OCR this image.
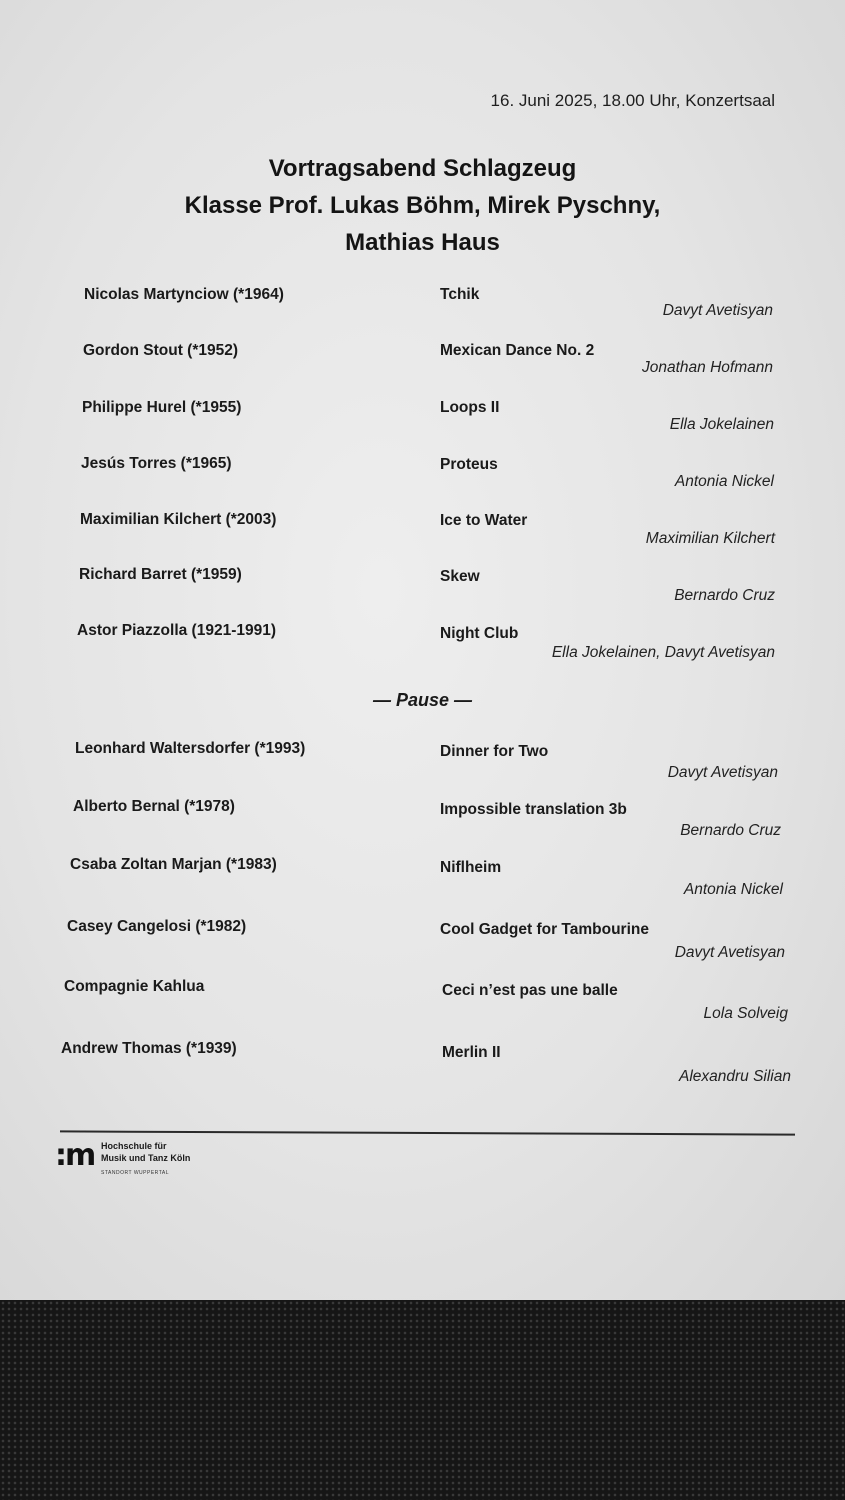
16. Juni 2025, 18.00 Uhr, Konzertsaal
Vortragsabend Schlagzeug
Klasse Prof. Lukas Böhm, Mirek Pyschny,
Mathias Haus
Nicolas Martynciow (*1964)	Tchik
Davyt Avetisyan
Gordon Stout (*1952)	Mexican Dance No. 2
Jonathan Hofmann
Philippe Hurel (*1955)	Loops II
Ella Jokelainen
Jesús Torres (*1965)	Proteus
Antonia Nickel
Maximilian Kilchert (*2003)	Ice to Water
Maximilian Kilchert
Richard Barret (*1959)	Skew
Bernardo Cruz
Astor Piazzolla (1921-1991)	Night Club
Ella Jokelainen, Davyt Avetisyan
— Pause —
Leonhard Waltersdorfer (*1993)	Dinner for Two
Davyt Avetisyan
Alberto Bernal (*1978)	Impossible translation 3b
Bernardo Cruz
Csaba Zoltan Marjan (*1983)	Niflheim
Antonia Nickel
Casey Cangelosi (*1982)	Cool Gadget for Tambourine
Davyt Avetisyan
Compagnie Kahlua	Ceci n’est pas une balle
Lola Solveig
Andrew Thomas (*1939)	Merlin II
Alexandru Silian
:m Hochschule für
Musik und Tanz Köln
STANDORT WUPPERTAL
